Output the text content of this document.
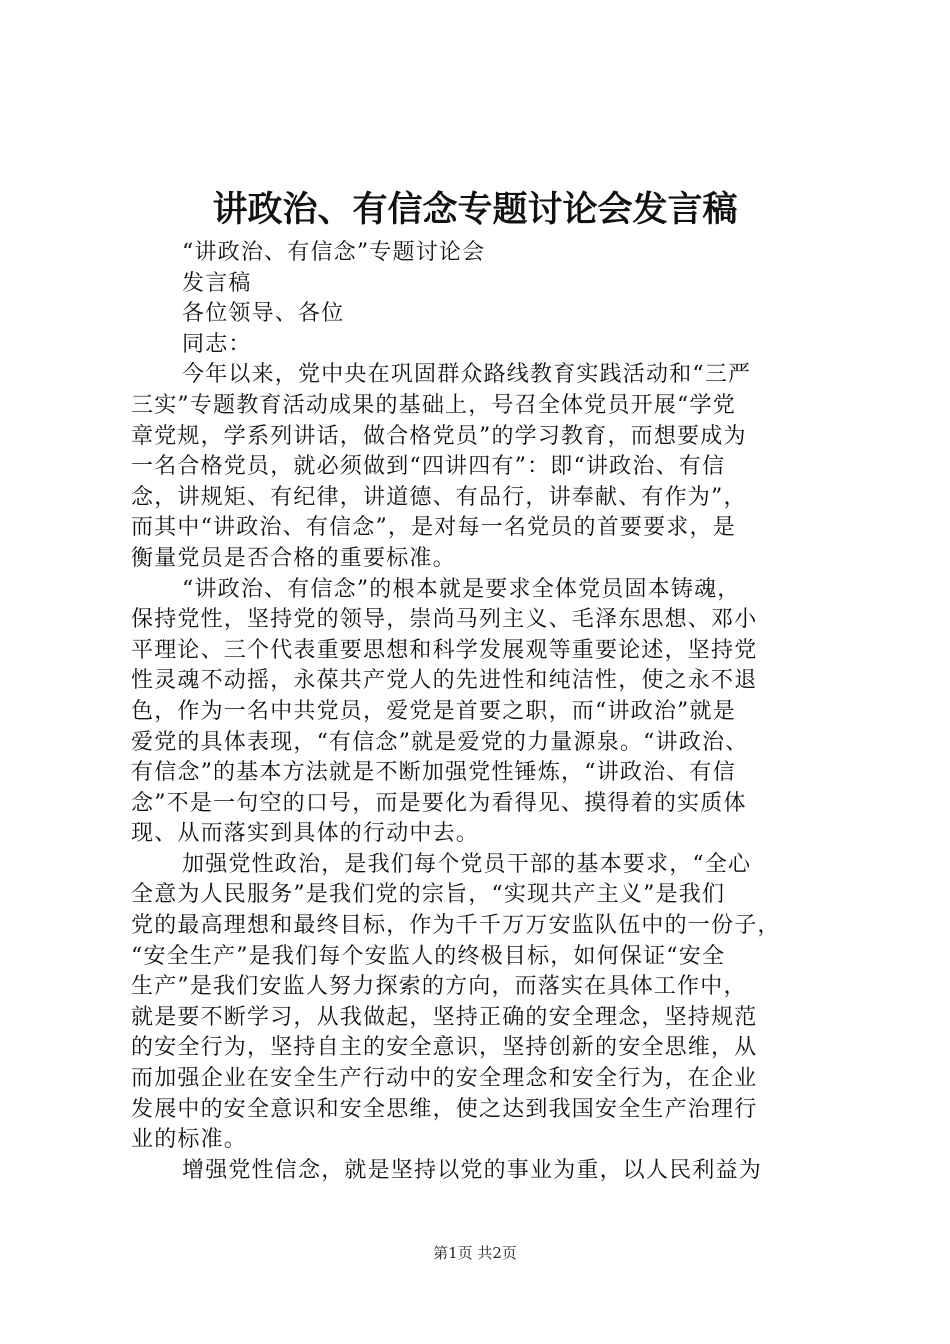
讲政治、有信念专题讨论会发言稿
“讲政治、有信念”专题讨论会
发言稿
各位领导、各位
同志：
今年以来，党中央在巩固群众路线教育实践活动和“三严
三实”专题教育活动成果的基础上，号召全体党员开展“学党
章党规，学系列讲话，做合格党员”的学习教育，而想要成为
一名合格党员，就必须做到“四讲四有”：即“讲政治、有信
念，讲规矩、有纪律，讲道德、有品行，讲奉献、有作为”，
而其中“讲政治、有信念”，是对每一名党员的首要要求，是
衡量党员是否合格的重要标准。
“讲政治、有信念”的根本就是要求全体党员固本铸魂，
保持党性，坚持党的领导，崇尚马列主义、毛泽东思想、邓小
平理论、三个代表重要思想和科学发展观等重要论述，坚持党
性灵魂不动摇，永葆共产党人的先进性和纯洁性，使之永不退
色，作为一名中共党员，爱党是首要之职，而“讲政治”就是
爱党的具体表现，“有信念”就是爱党的力量源泉。“讲政治、
有信念”的基本方法就是不断加强党性锤炼，“讲政治、有信
念”不是一句空的口号，而是要化为看得见、摸得着的实质体
现、从而落实到具体的行动中去。
加强党性政治，是我们每个党员干部的基本要求，“全心
全意为人民服务”是我们党的宗旨，“实现共产主义”是我们
党的最高理想和最终目标，作为千千万万安监队伍中的一份子，
“安全生产”是我们每个安监人的终极目标，如何保证“安全
生产”是我们安监人努力探索的方向，而落实在具体工作中，
就是要不断学习，从我做起，坚持正确的安全理念，坚持规范
的安全行为，坚持自主的安全意识，坚持创新的安全思维，从
而加强企业在安全生产行动中的安全理念和安全行为，在企业
发展中的安全意识和安全思维，使之达到我国安全生产治理行
业的标准。
增强党性信念，就是坚持以党的事业为重，以人民利益为
第1页 共2页
